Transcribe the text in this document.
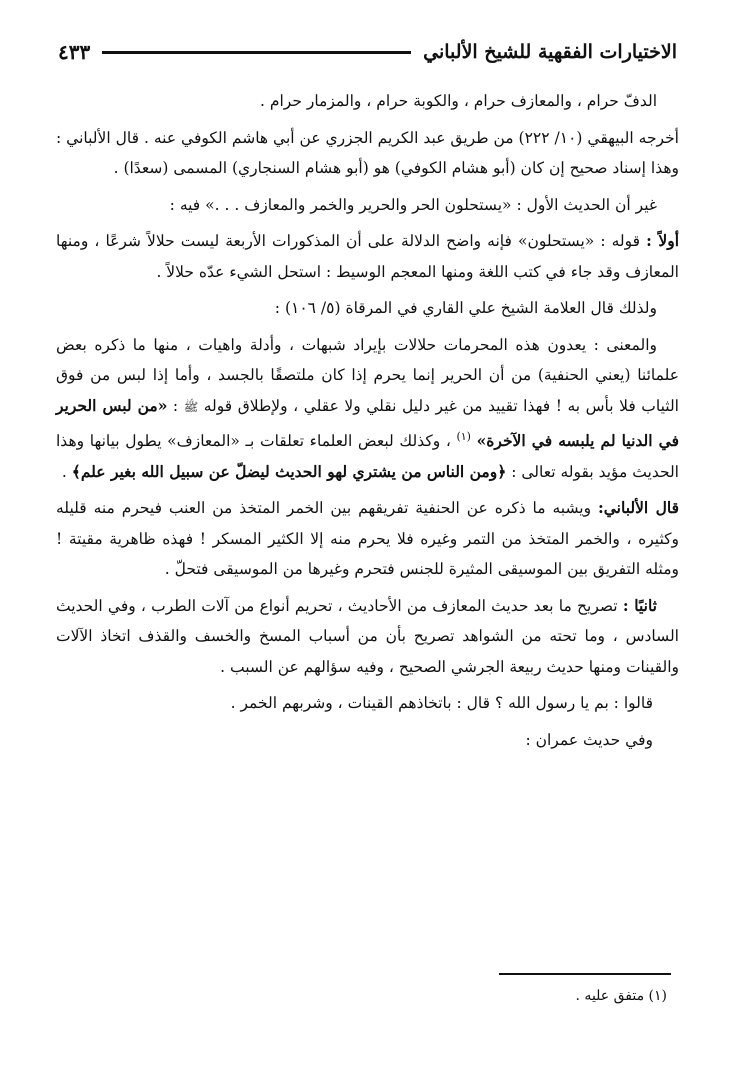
الاختيارات الفقهية للشيخ الألباني
٤٣٣

الدفّ حرام ، والمعازف حرام ، والكوبة حرام ، والمزمار حرام .

أخرجه البيهقي (١٠/ ٢٢٢) من طريق عبد الكريم الجزري عن أبي هاشم الكوفي عنه . قال الألباني : وهذا إسناد صحيح إن كان (أبو هشام الكوفي) هو (أبو هشام السنجاري) المسمى (سعدًا) .

غير أن الحديث الأول : «يستحلون الحر والحرير والخمر والمعازف . . .» فيه :

أولاً : قوله : «يستحلون» فإنه واضح الدلالة على أن المذكورات الأربعة ليست حلالاً شرعًا ، ومنها المعازف وقد جاء في كتب اللغة ومنها المعجم الوسيط : استحل الشيء عدّه حلالاً .

ولذلك قال العلامة الشيخ علي القاري في المرقاة (٥/ ١٠٦) :

والمعنى : يعدون هذه المحرمات حلالات بإيراد شبهات ، وأدلة واهيات ، منها ما ذكره بعض علمائنا (يعني الحنفية) من أن الحرير إنما يحرم إذا كان ملتصقًا بالجسد ، وأما إذا لبس من فوق الثياب فلا بأس به ! فهذا تقييد من غير دليل نقلي ولا عقلي ، ولإطلاق قوله ﷺ : «من لبس الحرير في الدنيا لم يلبسه في الآخرة» $^{(١)}$ ، وكذلك لبعض العلماء تعلقات بـ «المعازف» يطول بيانها وهذا الحديث مؤيد بقوله تعالى : ﴿ومن الناس من يشتري لهو الحديث ليضلّ عن سبيل الله بغير علم﴾ .

قال الألباني: ويشبه ما ذكره عن الحنفية تفريقهم بين الخمر المتخذ من العنب فيحرم منه قليله وكثيره ، والخمر المتخذ من التمر وغيره فلا يحرم منه إلا الكثير المسكر ! فهذه ظاهرية مقيتة ! ومثله التفريق بين الموسيقى المثيرة للجنس فتحرم وغيرها من الموسيقى فتحلّ .

ثانيًا : تصريح ما بعد حديث المعازف من الأحاديث ، تحريم أنواع من آلات الطرب ، وفي الحديث السادس ، وما تحته من الشواهد تصريح بأن من أسباب المسخ والخسف والقذف اتخاذ الآلات والقينات ومنها حديث ربيعة الجرشي الصحيح ، وفيه سؤالهم عن السبب .

قالوا : بم يا رسول الله ؟ قال : باتخاذهم القينات ، وشربهم الخمر .

وفي حديث عمران :

(١) متفق عليه .
